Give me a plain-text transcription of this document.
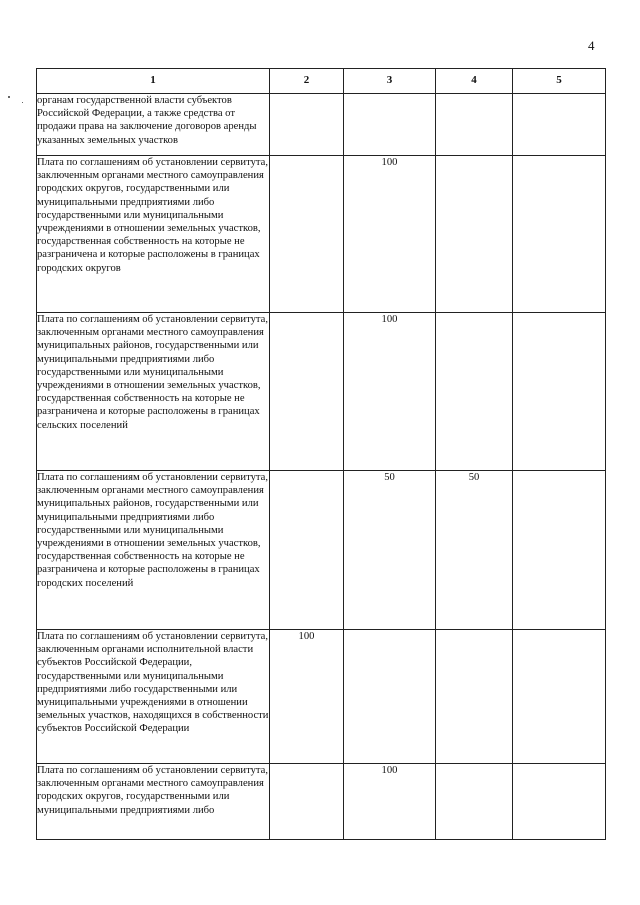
4
1	2	3	4	5
органам государственной власти субъектов Российской Федерации, а также средства от продажи права на заключение договоров аренды указанных земельных участков				
Плата по соглашениям об установлении сервитута, заключенным органами местного самоуправления городских округов, государственными или муниципальными предприятиями либо государственными или муниципальными учреждениями в отношении земельных участков, государственная собственность на которые не разграничена и которые расположены в границах городских округов		100		
Плата по соглашениям об установлении сервитута, заключенным органами местного самоуправления муниципальных районов, государственными или муниципальными предприятиями либо государственными или муниципальными учреждениями в отношении земельных участков, государственная собственность на которые не разграничена и которые расположены в границах сельских поселений		100		
Плата по соглашениям об установлении сервитута, заключенным органами местного самоуправления муниципальных районов, государственными или муниципальными предприятиями либо государственными или муниципальными учреждениями в отношении земельных участков, государственная собственность на которые не разграничена и которые расположены в границах городских поселений		50	50	
Плата по соглашениям об установлении сервитута, заключенным органами исполнительной власти субъектов Российской Федерации, государственными или муниципальными предприятиями либо государственными или муниципальными учреждениями в отношении земельных участков, находящихся в собственности субъектов Российской Федерации	100			
Плата по соглашениям об установлении сервитута, заключенным органами местного самоуправления городских округов, государственными или муниципальными предприятиями либо		100		
